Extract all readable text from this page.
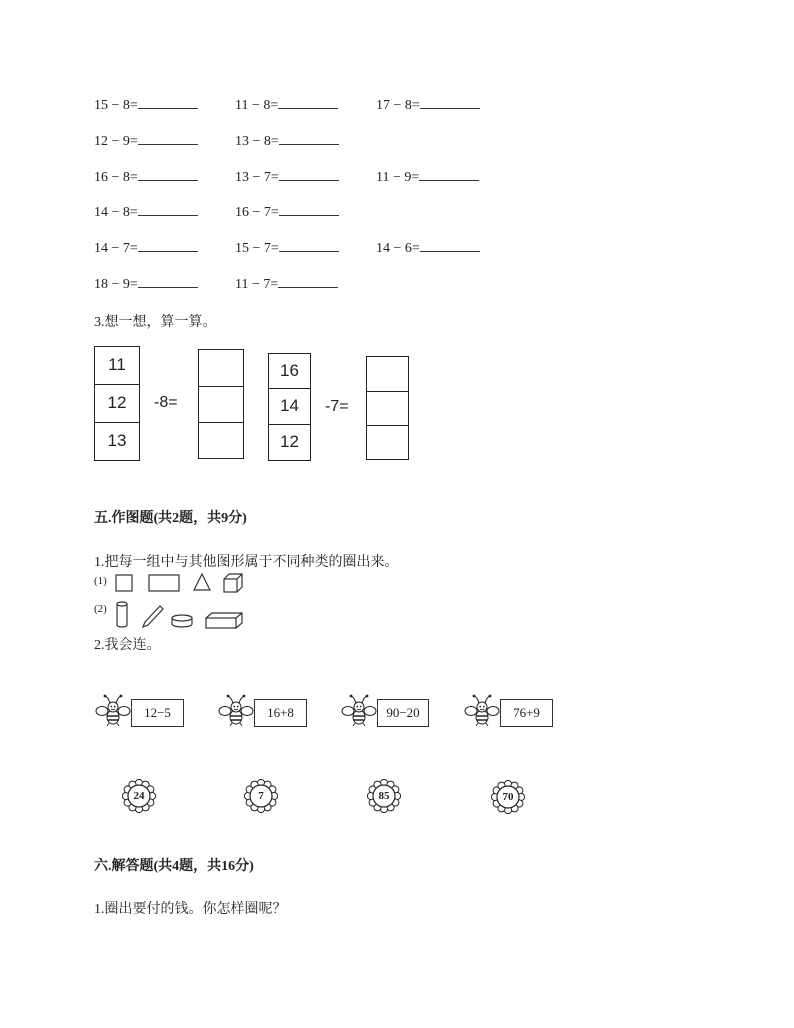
15 − 8=	11 − 8=	17 − 8=
12 − 9=	13 − 8=
16 − 8=	13 − 7=	11 − 9=
14 − 8=	16 − 7=
14 − 7=	15 − 7=	14 − 6=
18 − 9=	11 − 7=
3.想一想，算一算。
11
12
13
-8=
16
14
12
-7=
五.作图题(共2题，共9分)
1.把每一组中与其他图形属于不同种类的圈出来。
(1)
(2)
2.我会连。
12−5	16+8	90−20	76+9
24	7	85	70
六.解答题(共4题，共16分)
1.圈出要付的钱。你怎样圈呢？
